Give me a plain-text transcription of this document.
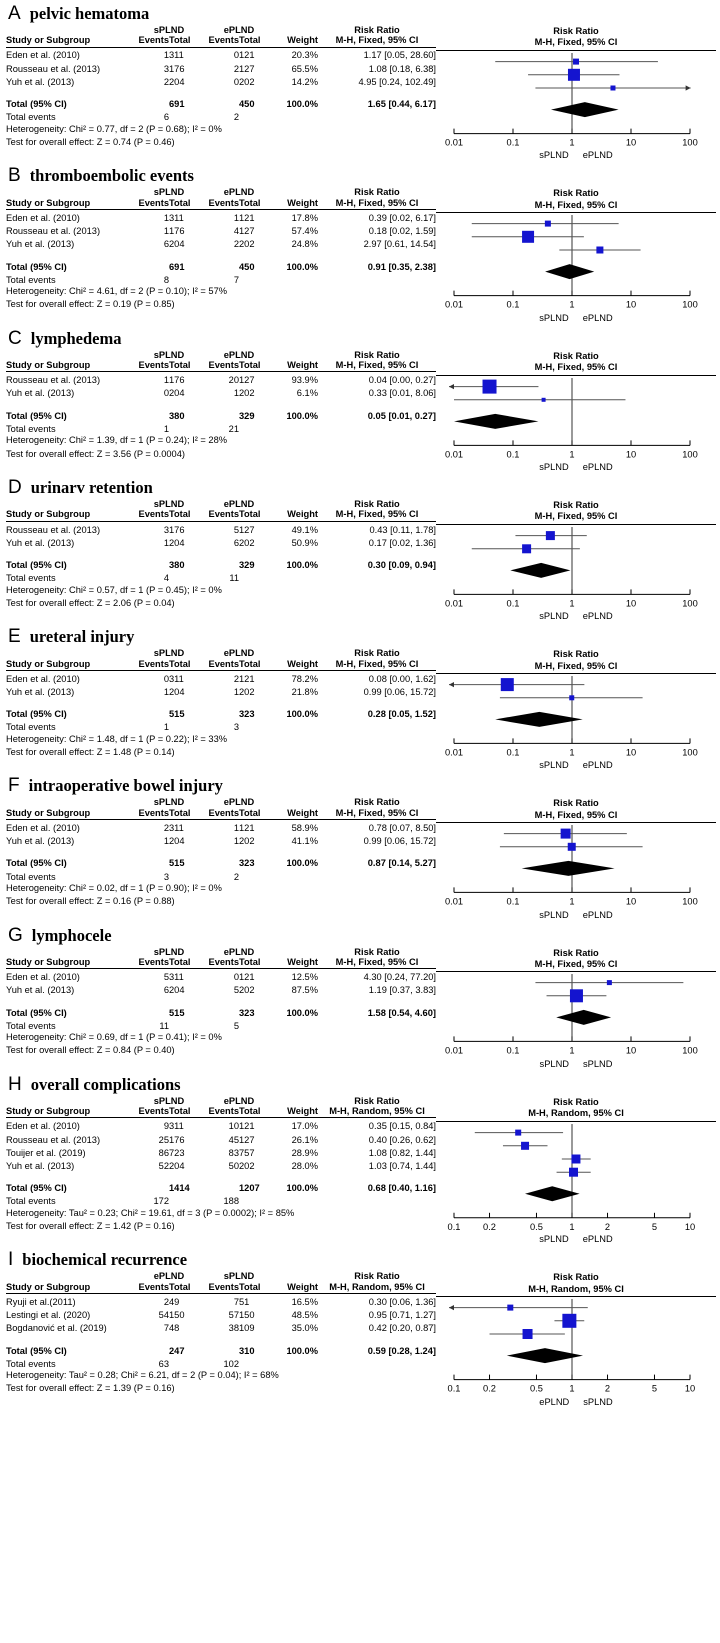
A pelvic hematoma
	sPLND		ePLND			Risk Ratio
Study or Subgroup	Events	Total	Events	Total	Weight	M-H, Fixed, 95% CI

Eden et al. (2010)	1	311	0	121	20.3%	1.17 [0.05, 28.60]
Rousseau et al. (2013)	3	176	2	127	65.5%	1.08 [0.18, 6.38]
Yuh et al. (2013)	2	204	0	202	14.2%	4.95 [0.24, 102.49]

Total (95% CI)		691		450	100.0%	1.65 [0.44, 6.17]
Total events	6		2			
Heterogeneity: Chi² = 0.77, df = 2 (P = 0.68); I² = 0%
Test for overall effect: Z = 0.74 (P = 0.46)
Risk Ratio
M-H, Fixed, 95% CI
0.01	0.1	1	10	100
sPLND ePLND
B thromboembolic events
	sPLND		ePLND			Risk Ratio
Study or Subgroup	Events	Total	Events	Total	Weight	M-H, Fixed, 95% CI

Eden et al. (2010)	1	311	1	121	17.8%	0.39 [0.02, 6.17]
Rousseau et al. (2013)	1	176	4	127	57.4%	0.18 [0.02, 1.59]
Yuh et al. (2013)	6	204	2	202	24.8%	2.97 [0.61, 14.54]

Total (95% CI)		691		450	100.0%	0.91 [0.35, 2.38]
Total events	8		7			
Heterogeneity: Chi² = 4.61, df = 2 (P = 0.10); I² = 57%
Test for overall effect: Z = 0.19 (P = 0.85)
Risk Ratio
M-H, Fixed, 95% CI
0.01	0.1	1	10	100
sPLND ePLND
C lymphedema
	sPLND		ePLND			Risk Ratio
Study or Subgroup	Events	Total	Events	Total	Weight	M-H, Fixed, 95% CI

Rousseau et al. (2013)	1	176	20	127	93.9%	0.04 [0.00, 0.27]
Yuh et al. (2013)	0	204	1	202	6.1%	0.33 [0.01, 8.06]

Total (95% CI)		380		329	100.0%	0.05 [0.01, 0.27]
Total events	1		21			
Heterogeneity: Chi² = 1.39, df = 1 (P = 0.24); I² = 28%
Test for overall effect: Z = 3.56 (P = 0.0004)
Risk Ratio
M-H, Fixed, 95% CI
0.01	0.1	1	10	100
sPLND ePLND
D urinarv retention
	sPLND		ePLND			Risk Ratio
Study or Subgroup	Events	Total	Events	Total	Weight	M-H, Fixed, 95% CI

Rousseau et al. (2013)	3	176	5	127	49.1%	0.43 [0.11, 1.78]
Yuh et al. (2013)	1	204	6	202	50.9%	0.17 [0.02, 1.36]

Total (95% CI)		380		329	100.0%	0.30 [0.09, 0.94]
Total events	4		11			
Heterogeneity: Chi² = 0.57, df = 1 (P = 0.45); I² = 0%
Test for overall effect: Z = 2.06 (P = 0.04)
Risk Ratio
M-H, Fixed, 95% CI
0.01	0.1	1	10	100
sPLND ePLND
E ureteral injury
	sPLND		ePLND			Risk Ratio
Study or Subgroup	Events	Total	Events	Total	Weight	M-H, Fixed, 95% CI

Eden et al. (2010)	0	311	2	121	78.2%	0.08 [0.00, 1.62]
Yuh et al. (2013)	1	204	1	202	21.8%	0.99 [0.06, 15.72]

Total (95% CI)		515		323	100.0%	0.28 [0.05, 1.52]
Total events	1		3			
Heterogeneity: Chi² = 1.48, df = 1 (P = 0.22); I² = 33%
Test for overall effect: Z = 1.48 (P = 0.14)
Risk Ratio
M-H, Fixed, 95% CI
0.01	0.1	1	10	100
sPLND ePLND
F intraoperative bowel injury
	sPLND		ePLND			Risk Ratio
Study or Subgroup	Events	Total	Events	Total	Weight	M-H, Fixed, 95% CI

Eden et al. (2010)	2	311	1	121	58.9%	0.78 [0.07, 8.50]
Yuh et al. (2013)	1	204	1	202	41.1%	0.99 [0.06, 15.72]

Total (95% CI)		515		323	100.0%	0.87 [0.14, 5.27]
Total events	3		2			
Heterogeneity: Chi² = 0.02, df = 1 (P = 0.90); I² = 0%
Test for overall effect: Z = 0.16 (P = 0.88)
Risk Ratio
M-H, Fixed, 95% CI
0.01	0.1	1	10	100
sPLND ePLND
G lymphocele
	sPLND		ePLND			Risk Ratio
Study or Subgroup	Events	Total	Events	Total	Weight	M-H, Fixed, 95% CI

Eden et al. (2010)	5	311	0	121	12.5%	4.30 [0.24, 77.20]
Yuh et al. (2013)	6	204	5	202	87.5%	1.19 [0.37, 3.83]

Total (95% CI)		515		323	100.0%	1.58 [0.54, 4.60]
Total events	11		5			
Heterogeneity: Chi² = 0.69, df = 1 (P = 0.41); I² = 0%
Test for overall effect: Z = 0.84 (P = 0.40)
Risk Ratio
M-H, Fixed, 95% CI
0.01	0.1	1	10	100
sPLND sPLND
H overall complications
	sPLND		ePLND			Risk Ratio
Study or Subgroup	Events	Total	Events	Total	Weight	M-H, Random, 95% CI

Eden et al. (2010)	9	311	10	121	17.0%	0.35 [0.15, 0.84]
Rousseau et al. (2013)	25	176	45	127	26.1%	0.40 [0.26, 0.62]
Touijer et al. (2019)	86	723	83	757	28.9%	1.08 [0.82, 1.44]
Yuh et al. (2013)	52	204	50	202	28.0%	1.03 [0.74, 1.44]

Total (95% CI)		1414		1207	100.0%	0.68 [0.40, 1.16]
Total events	172		188			
Heterogeneity: Tau² = 0.23; Chi² = 19.61, df = 3 (P = 0.0002); I² = 85%
Test for overall effect: Z = 1.42 (P = 0.16)
Risk Ratio
M-H, Random, 95% CI
0.1 0.2	0.5	1	2	5	10
sPLND ePLND
I biochemical recurrence
	ePLND		sPLND			Risk Ratio
Study or Subgroup	Events	Total	Events	Total	Weight	M-H, Random, 95% CI

Ryuji et al.(2011)	2	49	7	51	16.5%	0.30 [0.06, 1.36]
Lestingi et al. (2020)	54	150	57	150	48.5%	0.95 [0.71, 1.27]
Bogdanović et al. (2019)	7	48	38	109	35.0%	0.42 [0.20, 0.87]

Total (95% CI)		247		310	100.0%	0.59 [0.28, 1.24]
Total events	63		102			
Heterogeneity: Tau² = 0.28; Chi² = 6.21, df = 2 (P = 0.04); I² = 68%
Test for overall effect: Z = 1.39 (P = 0.16)
Risk Ratio
M-H, Random, 95% CI
0.1 0.2	0.5	1	2	5	10
ePLND sPLND
